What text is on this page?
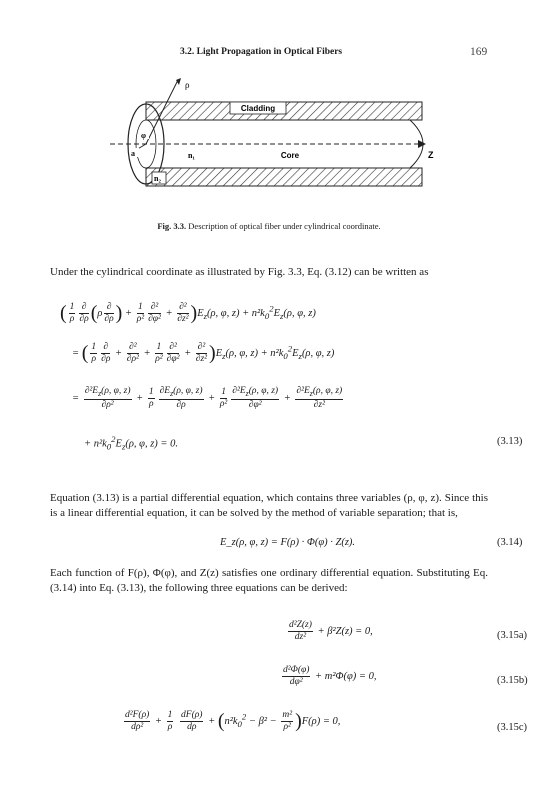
3.2. Light Propagation in Optical Fibers	169
ρ
φ
a
Cladding
Core
n₁
n₂
Z
Fig. 3.3. Description of optical fiber under cylindrical coordinate.
Under the cylindrical coordinate as illustrated by Fig. 3.3, Eq. (3.12) can be written as
( $\frac{1}{\rho} \frac{\partial}{\partial\rho} (\rho \frac{\partial}{\partial\rho}$ ) + $\frac{1}{\text{ρ²}} \frac{\text{∂²}}{\text{∂φ²}} + \frac{\text{∂²}}{\text{∂z²}} )E_z(\rho$, φ, $z) + n^2k_0^2E_z(\rho$, φ, z)
= ( $\frac{1}{\rho} \frac{\partial}{\partial\rho} + \frac{\text{∂²}}{\text{∂ρ²}} + \frac{1}{\text{ρ²}} \frac{\text{∂²}}{\text{∂φ²}} + \frac{\text{∂²}}{\text{∂z²}} )E_z(\rho$, φ, $z) + n^2k_0^2E_z(\rho$, φ, z)
= $\frac{\partial^2E_z(\rho, \varphi, z)}{\text{∂ρ²}} + \frac{1}{\rho} \frac{\partial E_z(\rho, \varphi, z)}{\partial\rho} + \frac{1}{\text{ρ²}} \frac{\partial^2E_z(\rho, \varphi, z)}{\text{∂φ²}} + \frac{\partial^2E_z(\rho, \varphi, z)}{\text{∂z²}}$
+ $n^2k_0^2E_z(\rho$, φ, z) = 0.	(3.13)
Equation (3.13) is a partial differential equation, which contains three variables (ρ, φ, z). Since this is a linear differential equation, it can be solved by the method of variable separation; that is,
E_z(ρ, φ, z) = F(ρ) · Φ(φ) · Z(z).	(3.14)
Each function of F(ρ), Φ(φ), and Z(z) satisfies one ordinary differential equation. Substituting Eq. (3.14) into Eq. (3.13), the following three equations can be derived:
$\frac{\text{d²Z(z)}}{\text{dz²}} + \beta^2Z(z) = 0$,	(3.15a)
$\frac{\text{d²Φ(φ)}}{\text{dφ²}} + m^2\Phi(\varphi) = 0$,	(3.15b)
$\frac{\text{d²F(ρ)}}{\text{dρ²}} + \frac{1}{\rho}$
$\frac{dF(\rho)}{d\rho} + (n^2k_0^2 - \beta^2 - \frac{\text{m²}}{\text{ρ²}} )F(\rho) = 0$,
(3.15c)
